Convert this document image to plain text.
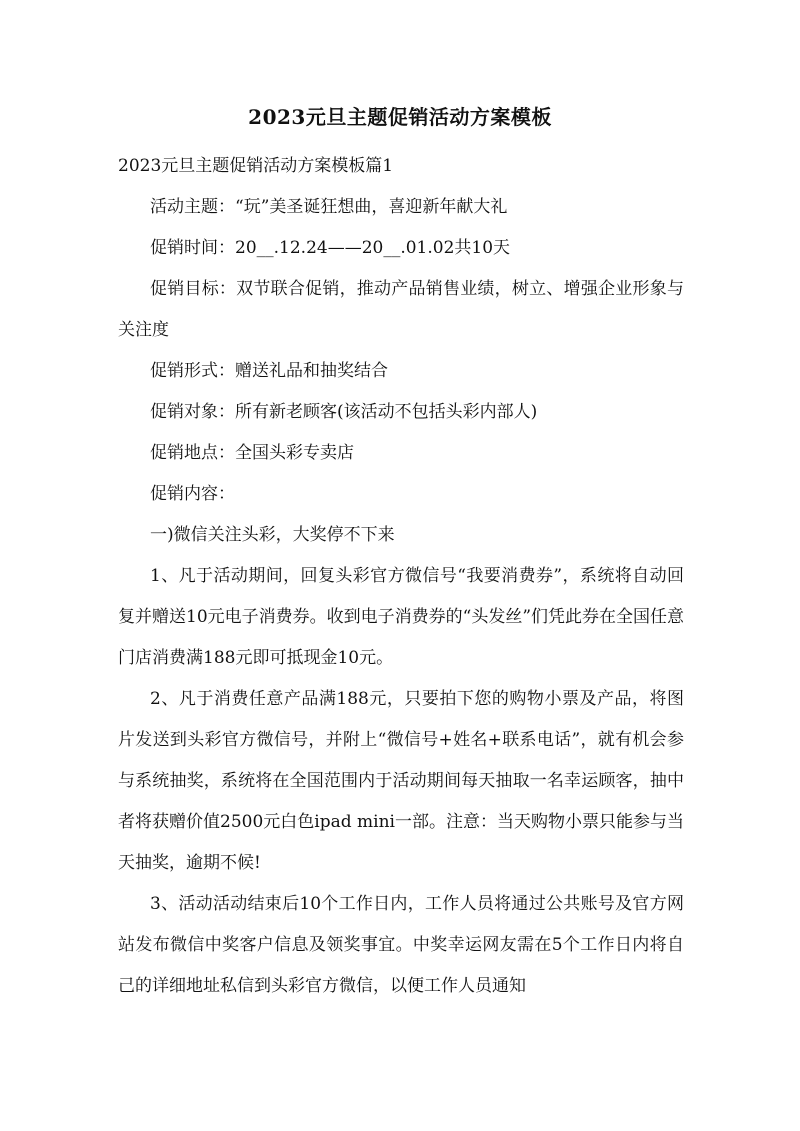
2023元旦主题促销活动方案模板

2023元旦主题促销活动方案模板篇1

活动主题：“玩”美圣诞狂想曲，喜迎新年献大礼

促销时间：20__.12.24——20__.01.02共10天

促销目标：双节联合促销，推动产品销售业绩，树立、增强企业形象与关注度

促销形式：赠送礼品和抽奖结合

促销对象：所有新老顾客(该活动不包括头彩内部人)

促销地点：全国头彩专卖店

促销内容：

一)微信关注头彩，大奖停不下来

1、凡于活动期间，回复头彩官方微信号“我要消费券”，系统将自动回复并赠送10元电子消费券。收到电子消费券的“头发丝”们凭此券在全国任意门店消费满188元即可抵现金10元。

2、凡于消费任意产品满188元，只要拍下您的购物小票及产品，将图片发送到头彩官方微信号，并附上“微信号+姓名+联系电话”，就有机会参与系统抽奖，系统将在全国范围内于活动期间每天抽取一名幸运顾客，抽中者将获赠价值2500元白色ipad mini一部。注意：当天购物小票只能参与当天抽奖，逾期不候!

3、活动活动结束后10个工作日内，工作人员将通过公共账号及官方网站发布微信中奖客户信息及领奖事宜。中奖幸运网友需在5个工作日内将自己的详细地址私信到头彩官方微信，以便工作人员通知
